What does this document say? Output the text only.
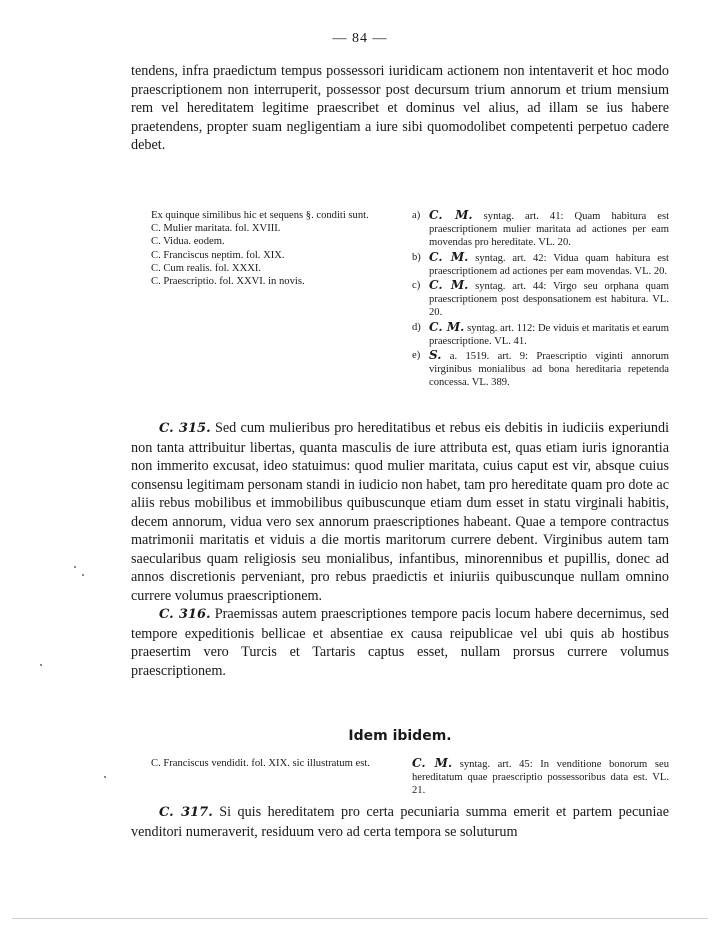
— 84 —

tendens, infra praedictum tempus possessori iuridicam actionem non intentaverit et hoc modo praescriptionem non interruperit, possessor post decursum trium annorum et trium mensium rem vel hereditatem legitime praescribet et dominus vel alius, ad illam se ius habere praetendens, propter suam negligentiam a iure sibi quomodolibet competenti perpetuo cadere debet.

Ex quinque similibus hic et sequens §. conditi sunt.

C. Mulier maritata. fol. XVIII.

C. Vidua. eodem.

C. Franciscus neptim. fol. XIX.

C. Cum realis. fol. XXXI.

C. Praescriptio. fol. XXVI. in novis.

a) C. M. syntag. art. 41: Quam habitura est praescriptionem mulier maritata ad actiones per eam movendas pro hereditate. VL. 20.

b) C. M. syntag. art. 42: Vidua quam habitura est praescriptionem ad actiones per eam movendas. VL. 20.

c) C. M. syntag. art. 44: Virgo seu orphana quam praescriptionem post desponsationem est habitura. VL. 20.

d) C. M. syntag. art. 112: De viduis et maritatis et earum praescriptione. VL. 41.

e) S. a. 1519. art. 9: Praescriptio viginti annorum virginibus monialibus ad bona hereditaria repetenda concessa. VL. 389.

C. 315. Sed cum mulieribus pro hereditatibus et rebus eis debitis in iudiciis experiundi non tanta attribuitur libertas, quanta masculis de iure attributa est, quas etiam iuris ignorantia non immerito excusat, ideo statuimus: quod mulier maritata, cuius caput est vir, absque cuius consensu legitimam personam standi in iudicio non habet, tam pro hereditate quam pro dote ac aliis rebus mobilibus et immobilibus quibuscunque etiam dum esset in statu virginali habitis, decem annorum, vidua vero sex annorum praescriptiones habeant. Quae a tempore contractus matrimonii maritatis et viduis a die mortis maritorum currere debent. Virginibus autem tam saecularibus quam religiosis seu monialibus, infantibus, minorennibus et pupillis, donec ad annos discretionis perveniant, pro rebus praedictis et iniuriis quibuscunque nullam omnino currere volumus praescriptionem.

C. 316. Praemissas autem praescriptiones tempore pacis locum habere decernimus, sed tempore expeditionis bellicae et absentiae ex causa reipublicae vel ubi quis ab hostibus praesertim vero Turcis et Tartaris captus esset, nullam prorsus currere volumus praescriptionem.

Idem ibidem.

C. Franciscus vendidit. fol. XIX. sic illustratum est.	C. M. syntag. art. 45: In venditione bonorum seu hereditatum quae praescriptio possessoribus data est. VL. 21.

C. 317. Si quis hereditatem pro certa pecuniaria summa emerit et partem pecuniae venditori numeraverit, residuum vero ad certa tempora se soluturum
